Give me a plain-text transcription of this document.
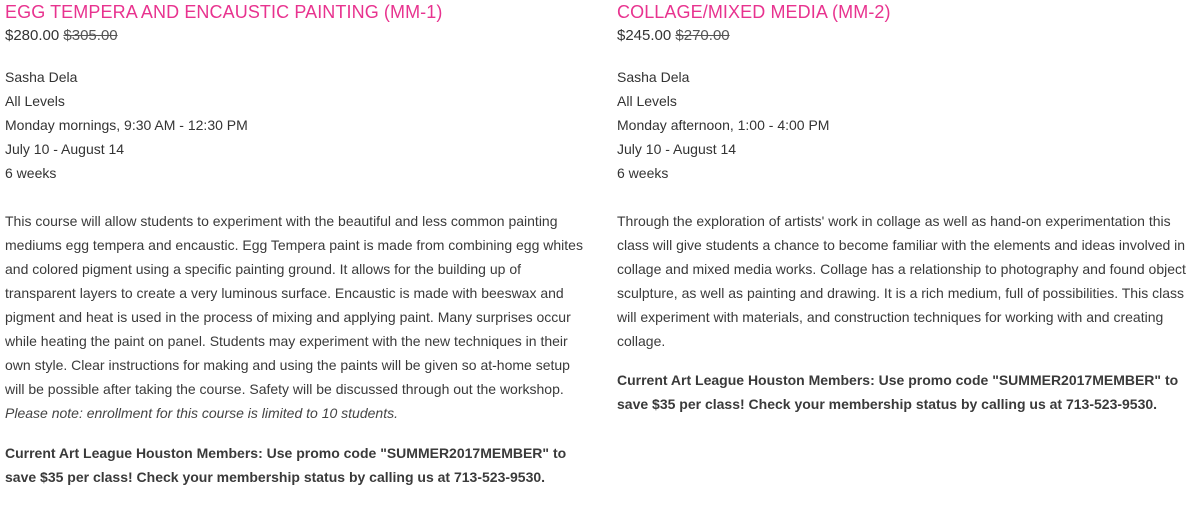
EGG TEMPERA AND ENCAUSTIC PAINTING (MM-1)
$280.00 $305.00
Sasha Dela
All Levels
Monday mornings, 9:30 AM - 12:30 PM
July 10 - August 14
6 weeks
This course will allow students to experiment with the beautiful and less common painting mediums egg tempera and encaustic. Egg Tempera paint is made from combining egg whites and colored pigment using a specific painting ground. It allows for the building up of transparent layers to create a very luminous surface. Encaustic is made with beeswax and pigment and heat is used in the process of mixing and applying paint. Many surprises occur while heating the paint on panel. Students may experiment with the new techniques in their own style. Clear instructions for making and using the paints will be given so at-home setup will be possible after taking the course. Safety will be discussed through out the workshop.
Please note: enrollment for this course is limited to 10 students.
Current Art League Houston Members: Use promo code "SUMMER2017MEMBER" to save $35 per class! Check your membership status by calling us at 713-523-9530.
COLLAGE/MIXED MEDIA (MM-2)
$245.00 $270.00
Sasha Dela
All Levels
Monday afternoon, 1:00 - 4:00 PM
July 10 - August 14
6 weeks
Through the exploration of artists' work in collage as well as hand-on experimentation this class will give students a chance to become familiar with the elements and ideas involved in collage and mixed media works. Collage has a relationship to photography and found object sculpture, as well as painting and drawing. It is a rich medium, full of possibilities. This class will experiment with materials, and construction techniques for working with and creating collage.
Current Art League Houston Members: Use promo code "SUMMER2017MEMBER" to save $35 per class! Check your membership status by calling us at 713-523-9530.
